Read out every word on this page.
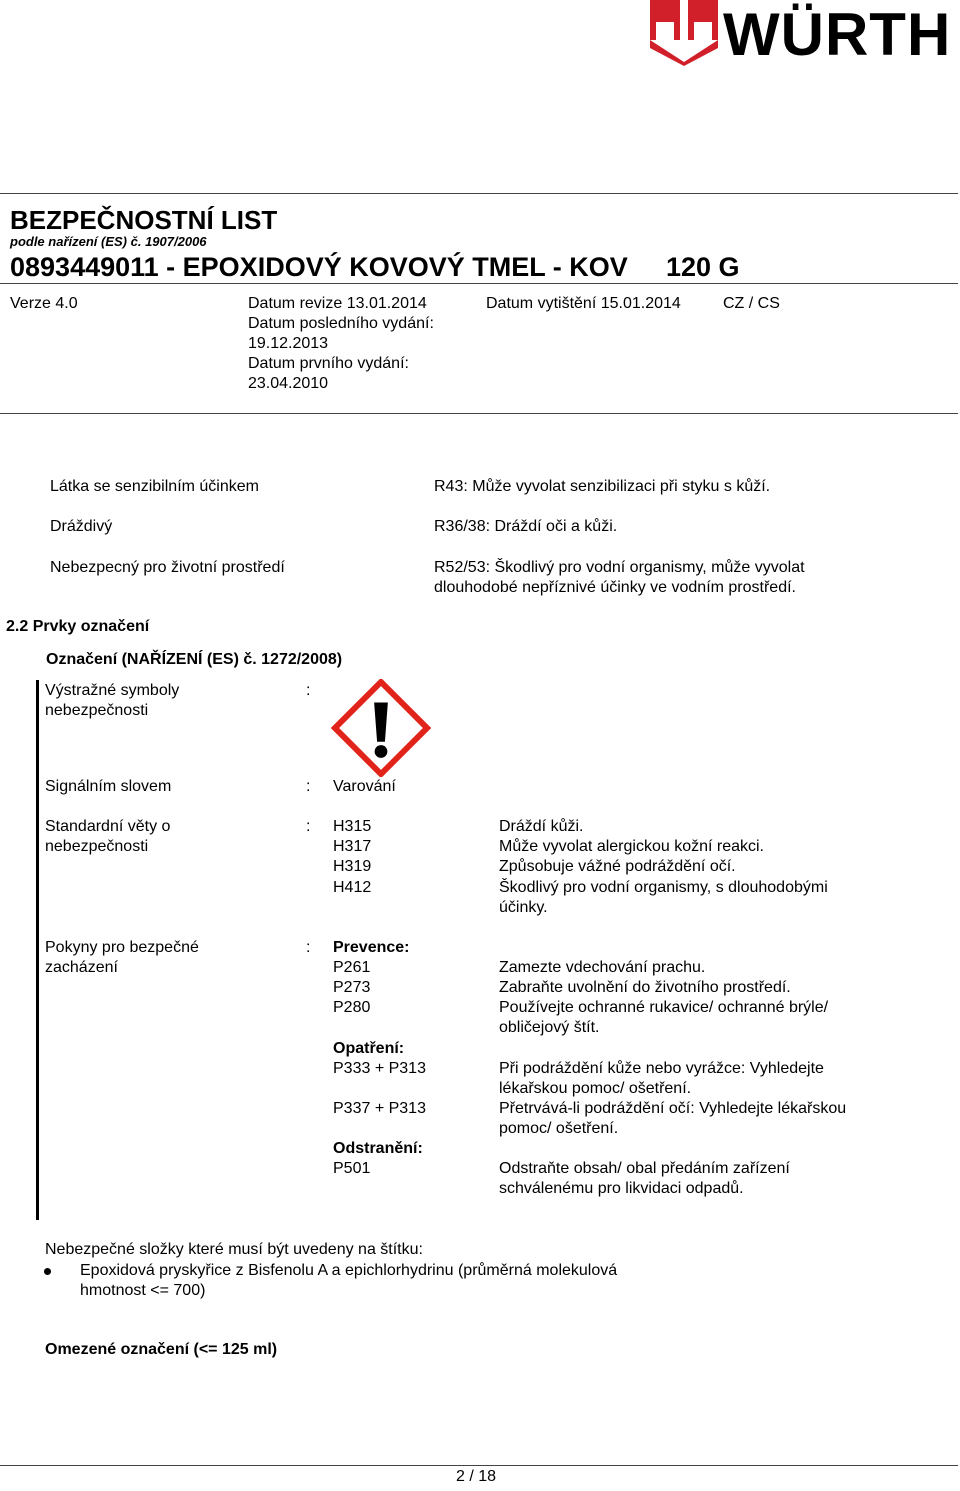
WÜRTH
BEZPEČNOSTNÍ LIST
podle nařízení (ES) č. 1907/2006
0893449011 - EPOXIDOVÝ KOVOVÝ TMEL - KOV 120 G
Verze 4.0	Datum revize 13.01.2014
Datum posledního vydání:
19.12.2013
Datum prvního vydání:
23.04.2010
Datum vytištění 15.01.2014	CZ / CS
Látka se senzibilním účinkem	R43: Může vyvolat senzibilizaci při styku s kůží.
Dráždivý	R36/38: Dráždí oči a kůži.
Nebezpecný pro životní prostředí	R52/53: Škodlivý pro vodní organismy, může vyvolat
dlouhodobé nepříznivé účinky ve vodním prostředí.
2.2 Prvky označení
Označení (NAŘÍZENÍ (ES) č. 1272/2008)
Výstražné symboly
nebezpečnosti
:
Signálním slovem	: Varování
Standardní věty o
nebezpečnosti
: H315	Dráždí kůži.
H317	Může vyvolat alergickou kožní reakci.
H319	Způsobuje vážné podráždění očí.
H412	Škodlivý pro vodní organismy, s dlouhodobými
účinky.
Pokyny pro bezpečné
zacházení
: Prevence:
P261	Zamezte vdechování prachu.
P273	Zabraňte uvolnění do životního prostředí.
P280	Používejte ochranné rukavice/ ochranné brýle/
obličejový štít.
Opatření:
P333 + P313	Při podráždění kůže nebo vyrážce: Vyhledejte
lékařskou pomoc/ ošetření.
P337 + P313	Přetrvává-li podráždění očí: Vyhledejte lékařskou
pomoc/ ošetření.
Odstranění:
P501	Odstraňte obsah/ obal předáním zařízení
schválenému pro likvidaci odpadů.
Nebezpečné složky které musí být uvedeny na štítku:
Epoxidová pryskyřice z Bisfenolu A a epichlorhydrinu (průměrná molekulová
hmotnost <= 700)
Omezené označení (<= 125 ml)
2 / 18
